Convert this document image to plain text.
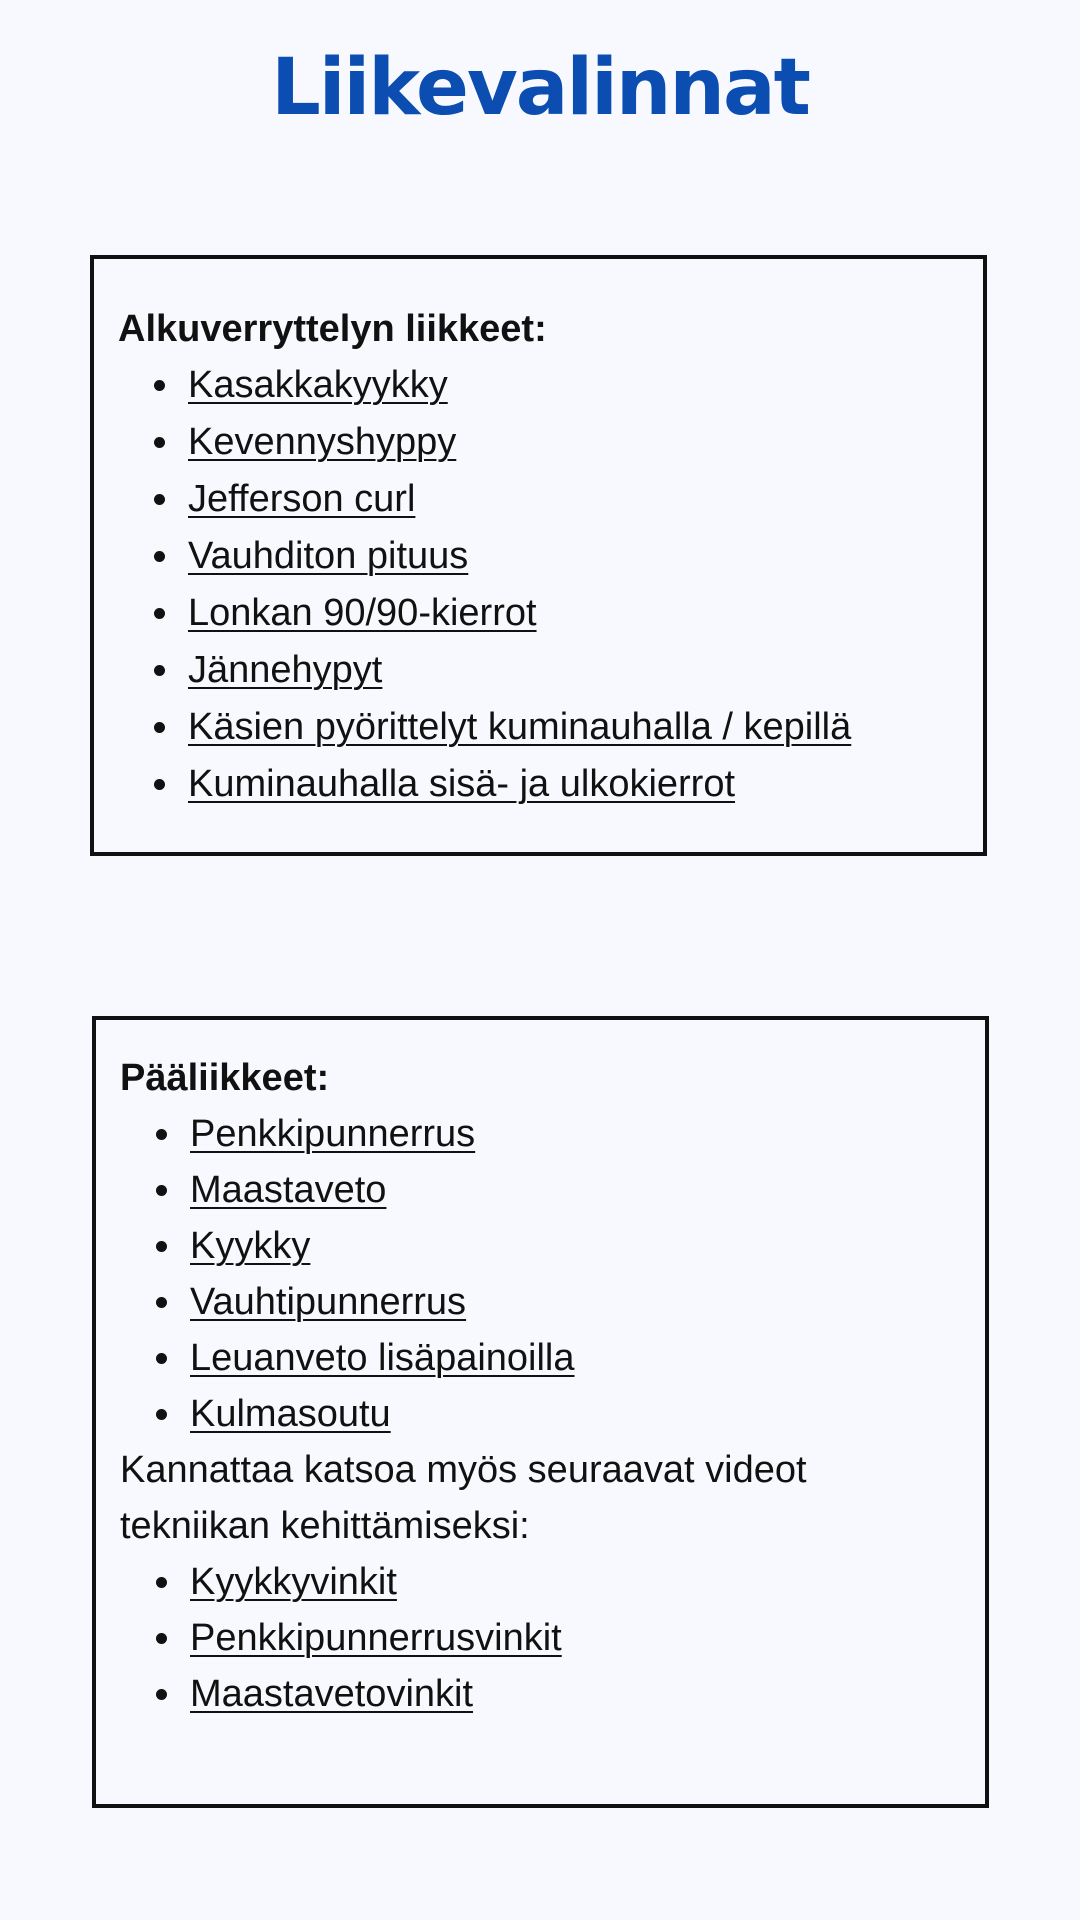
Liikevalinnat

Alkuverryttelyn liikkeet:

Kasakkakyykky
Kevennyshyppy
Jefferson curl
Vauhditon pituus
Lonkan 90/90-kierrot
Jännehypyt
Käsien pyörittelyt kuminauhalla / kepillä
Kuminauhalla sisä- ja ulkokierrot

Pääliikkeet:

Penkkipunnerrus
Maastaveto
Kyykky
Vauhtipunnerrus
Leuanveto lisäpainoilla
Kulmasoutu

Kannattaa katsoa myös seuraavat videot tekniikan kehittämiseksi:

Kyykkyvinkit
Penkkipunnerrusvinkit
Maastavetovinkit
